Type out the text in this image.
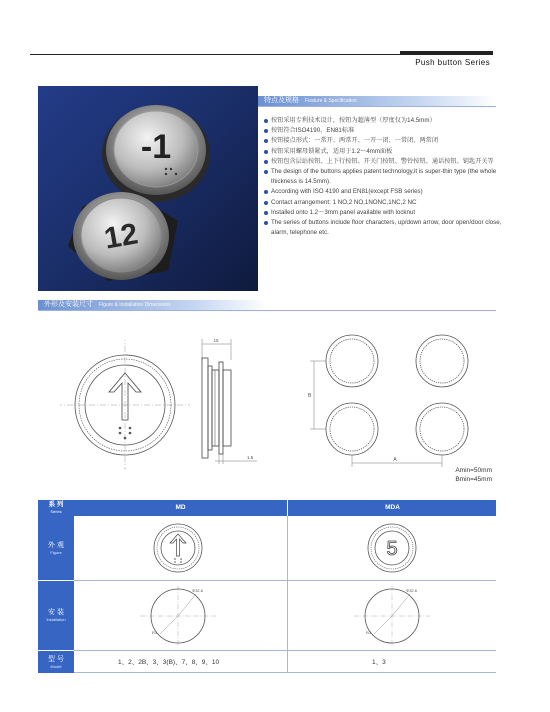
Push button Series
-1
12
特点及规格 Feature & Specification
按钮采用专利技术设计，按钮为超薄型（厚度仅为14.5mm）
按钮符合ISO4190、EN81标准
按钮接点形式：一常开、两常开、一开一闭、一常闭、两常闭
按钮采用螺母锁紧式，适用于1.2～4mm面板
按钮包含层站按钮、上下行按钮、开关门按钮、警铃按钮、通话按钮、钥匙开关等
The design of the buttons applies patent technology,it is super-thin type (the whole thickness is 14.5mm).
According with ISO 4190 and EN81(except FSB series)
Contact arrangement: 1 NO,2 NO,1NONC,1NC,2 NC
Installed onto 1.2～3mm panel available with locknut
The series of buttons include floor characters, up/down arrow, door open/door close, alarm, telephone etc.
外形及安装尺寸 Figure & Installation Dimensions
15
1.5
B
A
Amin=50mm
Bmin=45mm
系 列
Series
MD	MDA
外 观
Figure
安 装
Installation
型 号
Model
5
Φ32.6
R1
Φ32.6
R1
1、2、2B、3、3(B)、7、8、9、10	1、3
